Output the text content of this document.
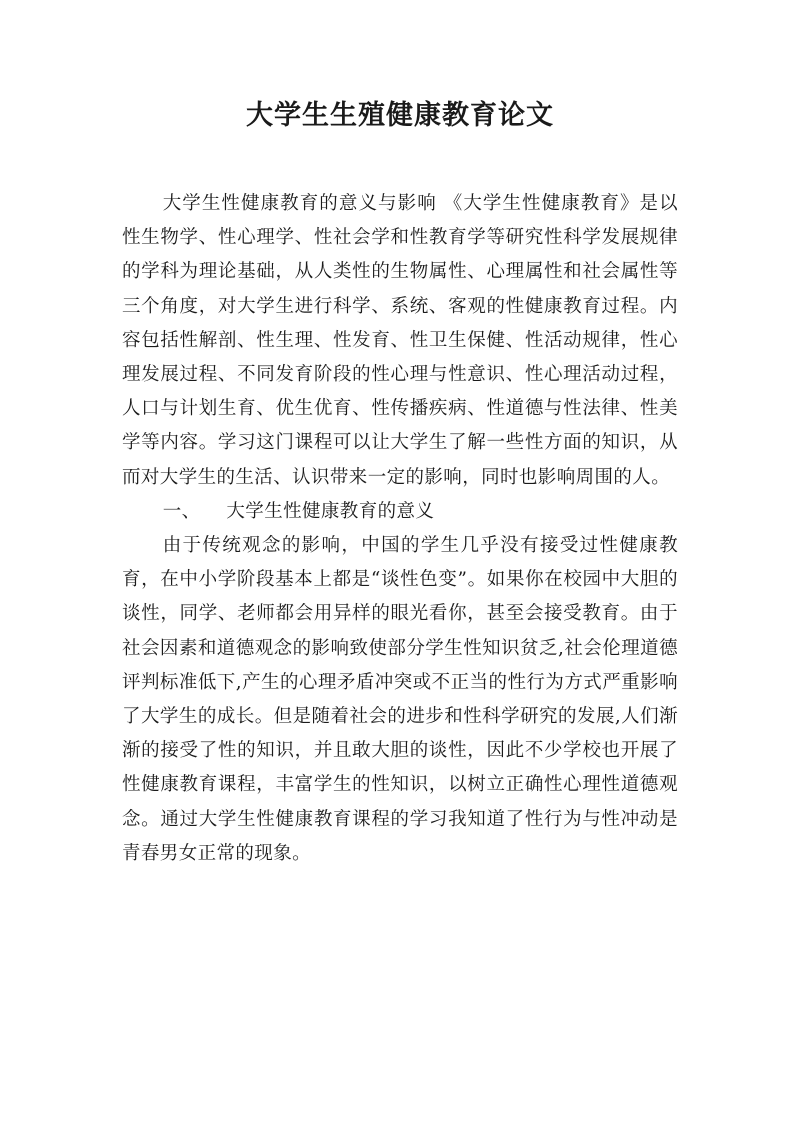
大学生生殖健康教育论文

大学生性健康教育的意义与影响 《大学生性健康教育》是以性生物学、性心理学、性社会学和性教育学等研究性科学发展规律的学科为理论基础，从人类性的生物属性、心理属性和社会属性等三个角度，对大学生进行科学、系统、客观的性健康教育过程。内容包括性解剖、性生理、性发育、性卫生保健、性活动规律，性心理发展过程、不同发育阶段的性心理与性意识、性心理活动过程，人口与计划生育、优生优育、性传播疾病、性道德与性法律、性美学等内容。学习这门课程可以让大学生了解一些性方面的知识，从而对大学生的生活、认识带来一定的影响，同时也影响周围的人。

一、 大学生性健康教育的意义

由于传统观念的影响，中国的学生几乎没有接受过性健康教育，在中小学阶段基本上都是“谈性色变”。如果你在校园中大胆的谈性，同学、老师都会用异样的眼光看你，甚至会接受教育。由于社会因素和道德观念的影响致使部分学生性知识贫乏,社会伦理道德评判标准低下,产生的心理矛盾冲突或不正当的性行为方式严重影响了大学生的成长。但是随着社会的进步和性科学研究的发展,人们渐渐的接受了性的知识，并且敢大胆的谈性，因此不少学校也开展了性健康教育课程，丰富学生的性知识，以树立正确性心理性道德观念。通过大学生性健康教育课程的学习我知道了性行为与性冲动是青春男女正常的现象。
